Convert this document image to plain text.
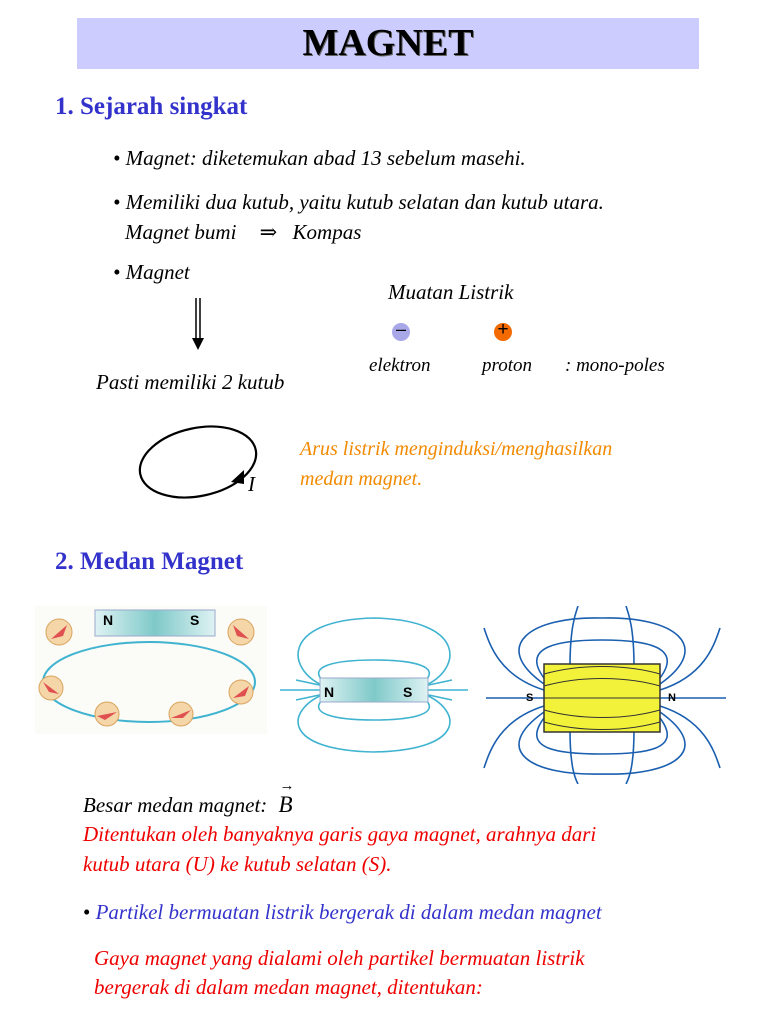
MAGNET
1. Sejarah singkat
• Magnet: diketemukan abad 13 sebelum masehi.
• Memiliki dua kutub, yaitu kutub selatan dan kutub utara.
Magnet bumi ⇒ Kompas
• Magnet
Pasti memiliki 2 kutub
Muatan Listrik
–	+
elektron	proton : mono-poles
I
Arus listrik menginduksi/menghasilkan
medan magnet.
2. Medan Magnet
N	S
N	S	S	N
Besar medan magnet:
→
B
Ditentukan oleh banyaknya garis gaya magnet, arahnya dari
kutub utara (U) ke kutub selatan (S).
• Partikel bermuatan listrik bergerak di dalam medan magnet
Gaya magnet yang dialami oleh partikel bermuatan listrik
bergerak di dalam medan magnet, ditentukan:
